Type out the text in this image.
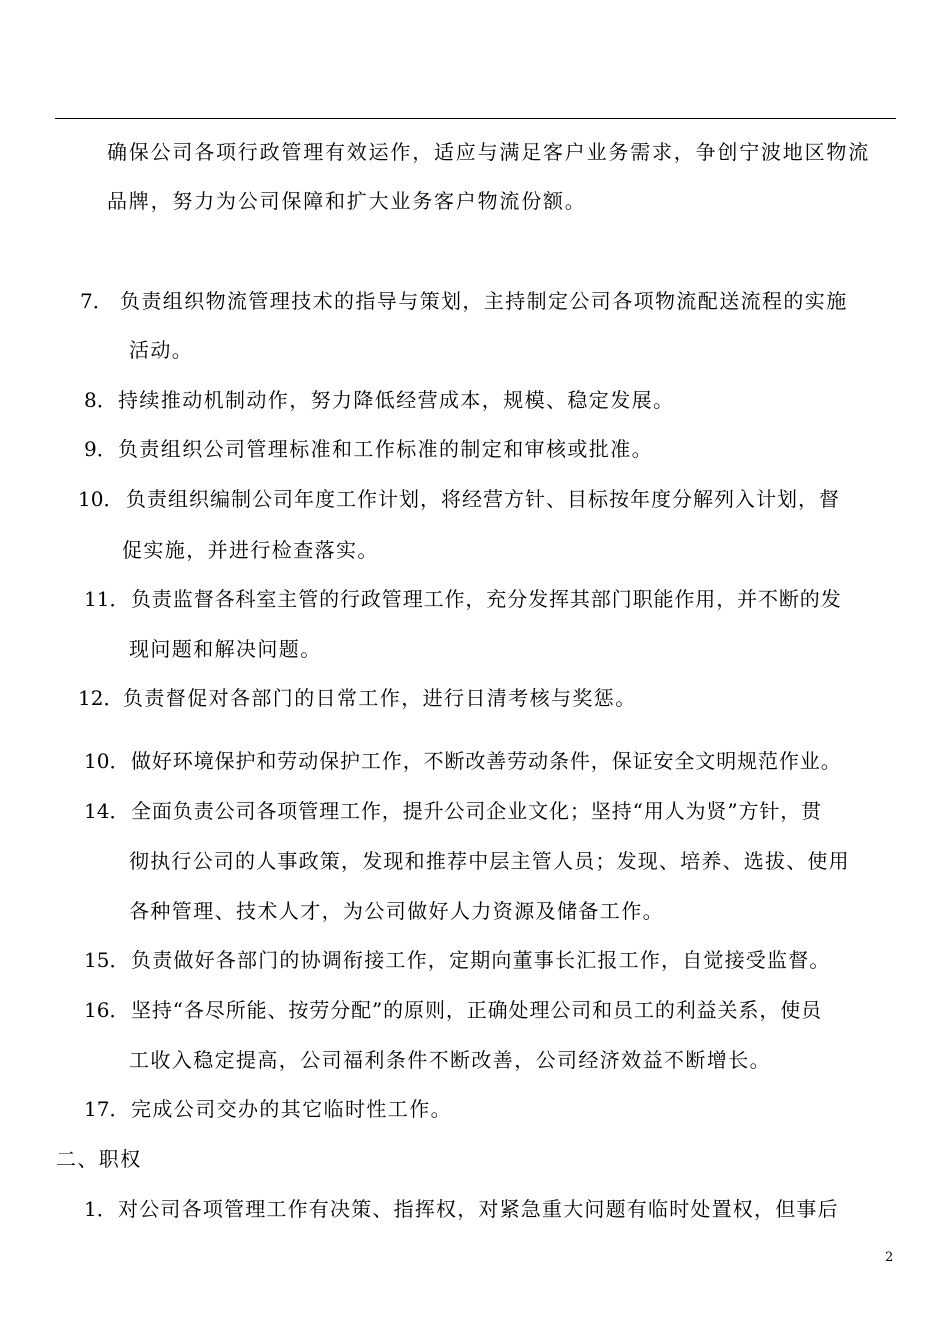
确保公司各项行政管理有效运作，适应与满足客户业务需求，争创宁波地区物流
品牌，努力为公司保障和扩大业务客户物流份额。
7． 负责组织物流管理技术的指导与策划，主持制定公司各项物流配送流程的实施
活动。
8． 持续推动机制动作，努力降低经营成本，规模、稳定发展。
9． 负责组织公司管理标准和工作标准的制定和审核或批准。
10． 负责组织编制公司年度工作计划，将经营方针、目标按年度分解列入计划，督
促实施，并进行检查落实。
11． 负责监督各科室主管的行政管理工作，充分发挥其部门职能作用，并不断的发
现问题和解决问题。
12． 负责督促对各部门的日常工作，进行日清考核与奖惩。
10． 做好环境保护和劳动保护工作，不断改善劳动条件，保证安全文明规范作业。
14． 全面负责公司各项管理工作，提升公司企业文化；坚持“用人为贤”方针，贯
彻执行公司的人事政策，发现和推荐中层主管人员；发现、培养、选拔、使用
各种管理、技术人才，为公司做好人力资源及储备工作。
15． 负责做好各部门的协调衔接工作，定期向董事长汇报工作，自觉接受监督。
16． 坚持“各尽所能、按劳分配”的原则，正确处理公司和员工的利益关系，使员
工收入稳定提高，公司福利条件不断改善，公司经济效益不断增长。
17． 完成公司交办的其它临时性工作。
二、职权
1． 对公司各项管理工作有决策、指挥权，对紧急重大问题有临时处置权，但事后
2
